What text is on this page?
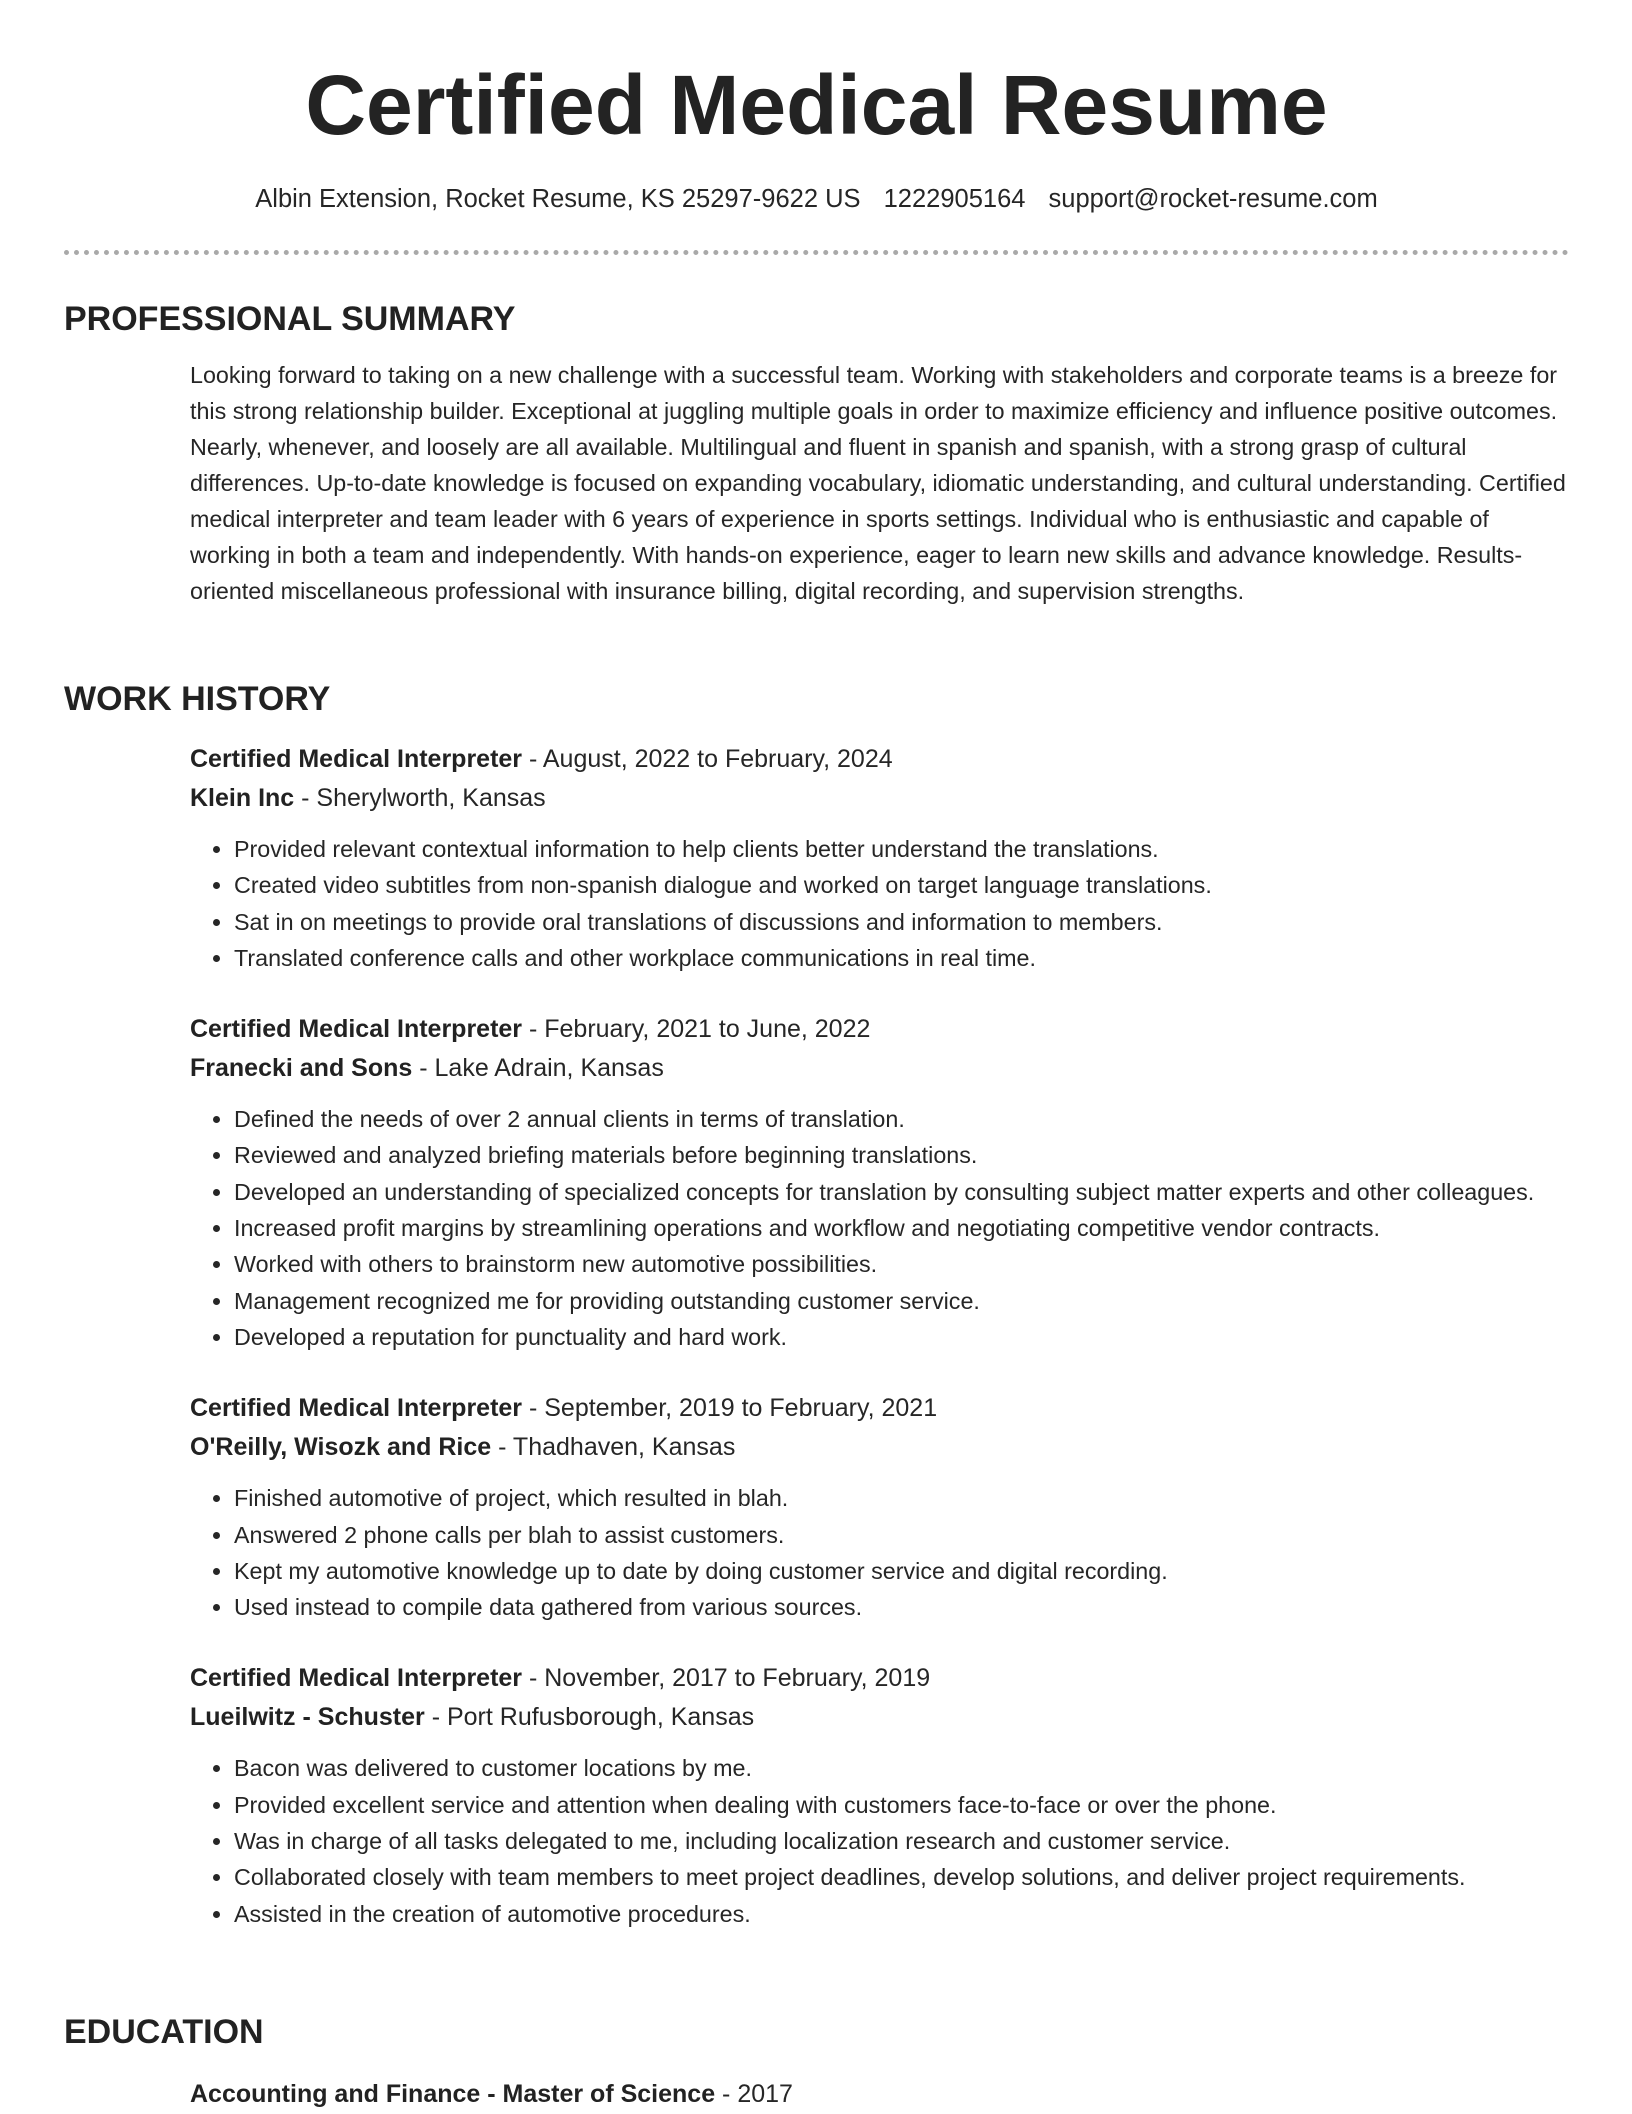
Certified Medical Resume
Albin Extension, Rocket Resume, KS 25297-9622 US 1222905164 support@rocket-resume.com
PROFESSIONAL SUMMARY

Looking forward to taking on a new challenge with a successful team. Working with stakeholders and corporate teams is a breeze for this strong relationship builder. Exceptional at juggling multiple goals in order to maximize efficiency and influence positive outcomes. Nearly, whenever, and loosely are all available. Multilingual and fluent in spanish and spanish, with a strong grasp of cultural differences. Up-to-date knowledge is focused on expanding vocabulary, idiomatic understanding, and cultural understanding. Certified medical interpreter and team leader with 6 years of experience in sports settings. Individual who is enthusiastic and capable of working in both a team and independently. With hands-on experience, eager to learn new skills and advance knowledge. Results-oriented miscellaneous professional with insurance billing, digital recording, and supervision strengths.

WORK HISTORY

Certified Medical Interpreter - August, 2022 to February, 2024

Klein Inc - Sherylworth, Kansas

• Provided relevant contextual information to help clients better understand the translations.
• Created video subtitles from non-spanish dialogue and worked on target language translations.
• Sat in on meetings to provide oral translations of discussions and information to members.
• Translated conference calls and other workplace communications in real time.

Certified Medical Interpreter - February, 2021 to June, 2022

Franecki and Sons - Lake Adrain, Kansas

• Defined the needs of over 2 annual clients in terms of translation.
• Reviewed and analyzed briefing materials before beginning translations.
• Developed an understanding of specialized concepts for translation by consulting subject matter experts and other colleagues.
• Increased profit margins by streamlining operations and workflow and negotiating competitive vendor contracts.
• Worked with others to brainstorm new automotive possibilities.
• Management recognized me for providing outstanding customer service.
• Developed a reputation for punctuality and hard work.

Certified Medical Interpreter - September, 2019 to February, 2021

O'Reilly, Wisozk and Rice - Thadhaven, Kansas

• Finished automotive of project, which resulted in blah.
• Answered 2 phone calls per blah to assist customers.
• Kept my automotive knowledge up to date by doing customer service and digital recording.
• Used instead to compile data gathered from various sources.

Certified Medical Interpreter - November, 2017 to February, 2019

Lueilwitz - Schuster - Port Rufusborough, Kansas

• Bacon was delivered to customer locations by me.
• Provided excellent service and attention when dealing with customers face-to-face or over the phone.
• Was in charge of all tasks delegated to me, including localization research and customer service.
• Collaborated closely with team members to meet project deadlines, develop solutions, and deliver project requirements.
• Assisted in the creation of automotive procedures.
EDUCATION

Accounting and Finance - Master of Science - 2017
